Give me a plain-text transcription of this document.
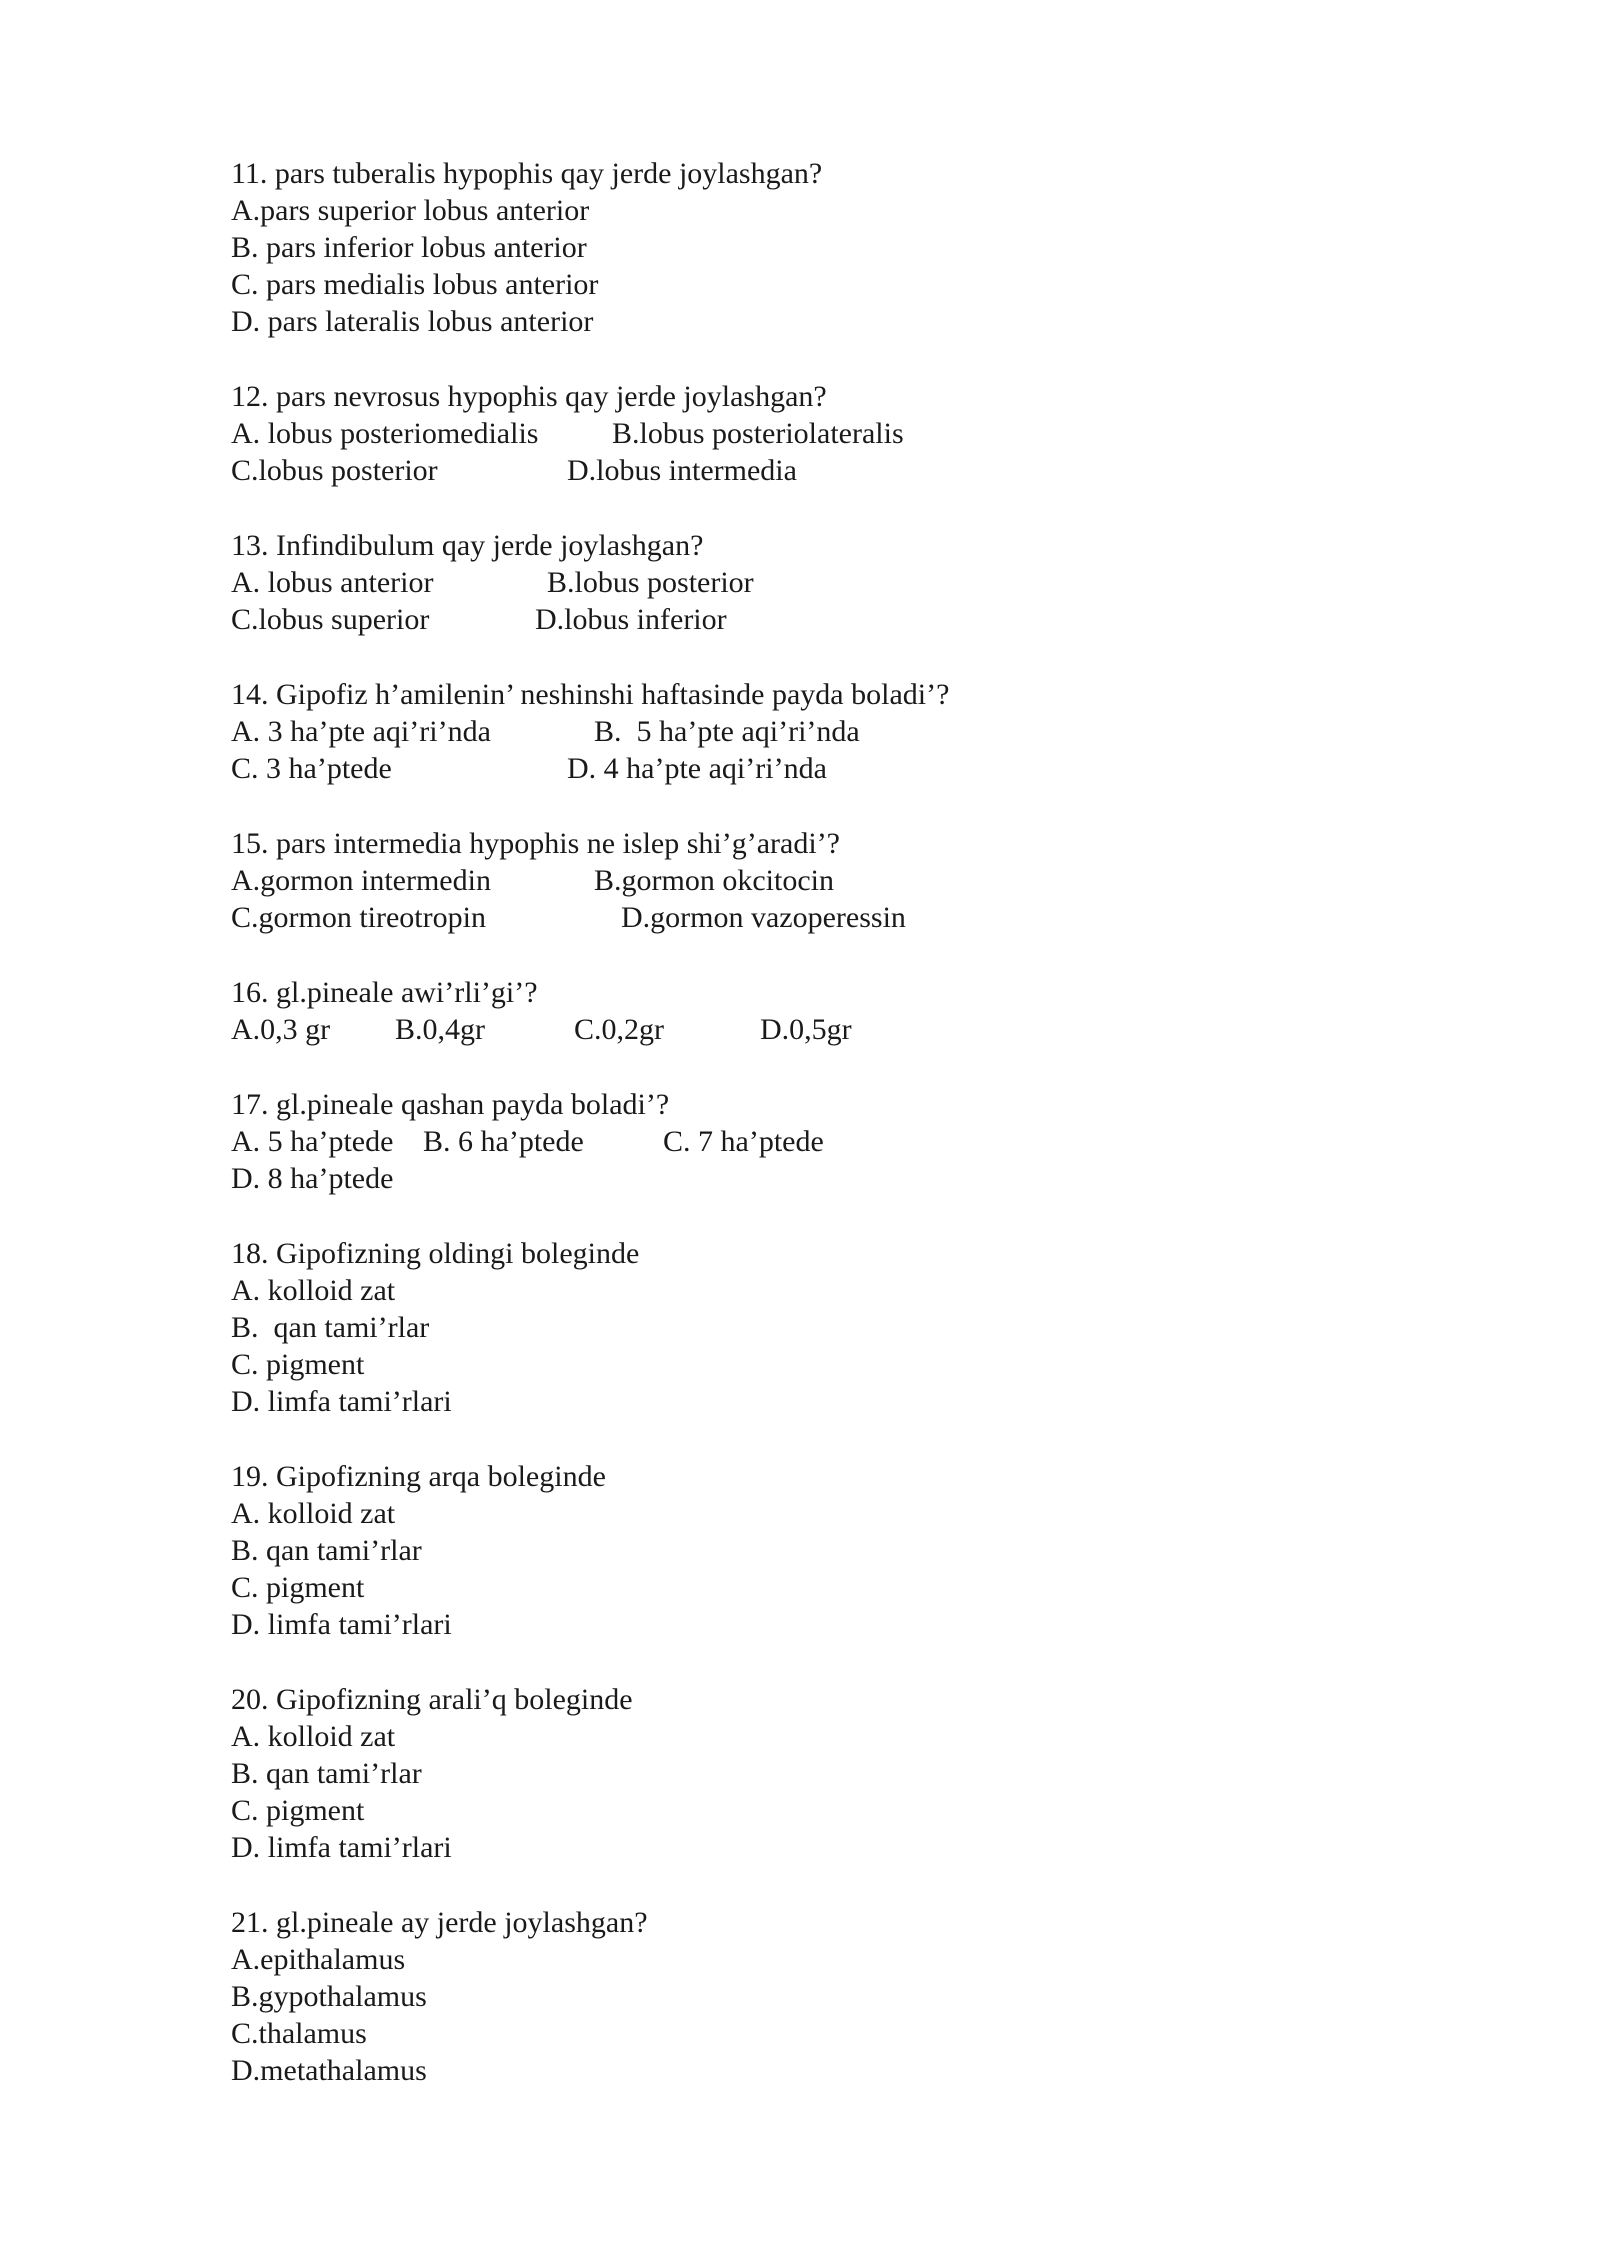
11. pars tuberalis hypophis qay jerde joylashgan?
A.pars superior lobus anterior
B. pars inferior lobus anterior
C. pars medialis lobus anterior
D. pars lateralis lobus anterior
12. pars nevrosus hypophis qay jerde joylashgan?

A. lobus posteriomedialis

B.lobus posteriolateralis

C.lobus posterior

	D.lobus intermedia

13. Infindibulum qay jerde joylashgan?

A. lobus anterior

	B.lobus posterior

C.lobus superior

	D.lobus inferior

14. Gipofiz h’amilenin’ neshinshi haftasinde payda boladi’?

A. 3 ha’pte aqi’ri’nda

	B.  5 ha’pte aqi’ri’nda

C. 3 ha’ptede

	D. 4 ha’pte aqi’ri’nda

15. pars intermedia hypophis ne islep shi’g’aradi’?

A.gormon intermedin

	B.gormon okcitocin

C.gormon tireotropin

	D.gormon vazoperessin

16. gl.pineale awi’rli’gi’?

A.0,3 gr

B.0,4gr

	C.0,2gr

	D.0,5gr

17. gl.pineale qashan payda boladi’?

A. 5 ha’ptede

B. 6 ha’ptede

	C. 7 ha’ptede

D. 8 ha’ptede
18. Gipofizning oldingi boleginde
A. kolloid zat
B.  qan tami’rlar
C. pigment
D. limfa tami’rlari
19. Gipofizning arqa boleginde
A. kolloid zat
B. qan tami’rlar
C. pigment
D. limfa tami’rlari
20. Gipofizning arali’q boleginde
A. kolloid zat
B. qan tami’rlar
C. pigment
D. limfa tami’rlari
21. gl.pineale ay jerde joylashgan?
A.epithalamus
B.gypothalamus
C.thalamus
D.metathalamus
